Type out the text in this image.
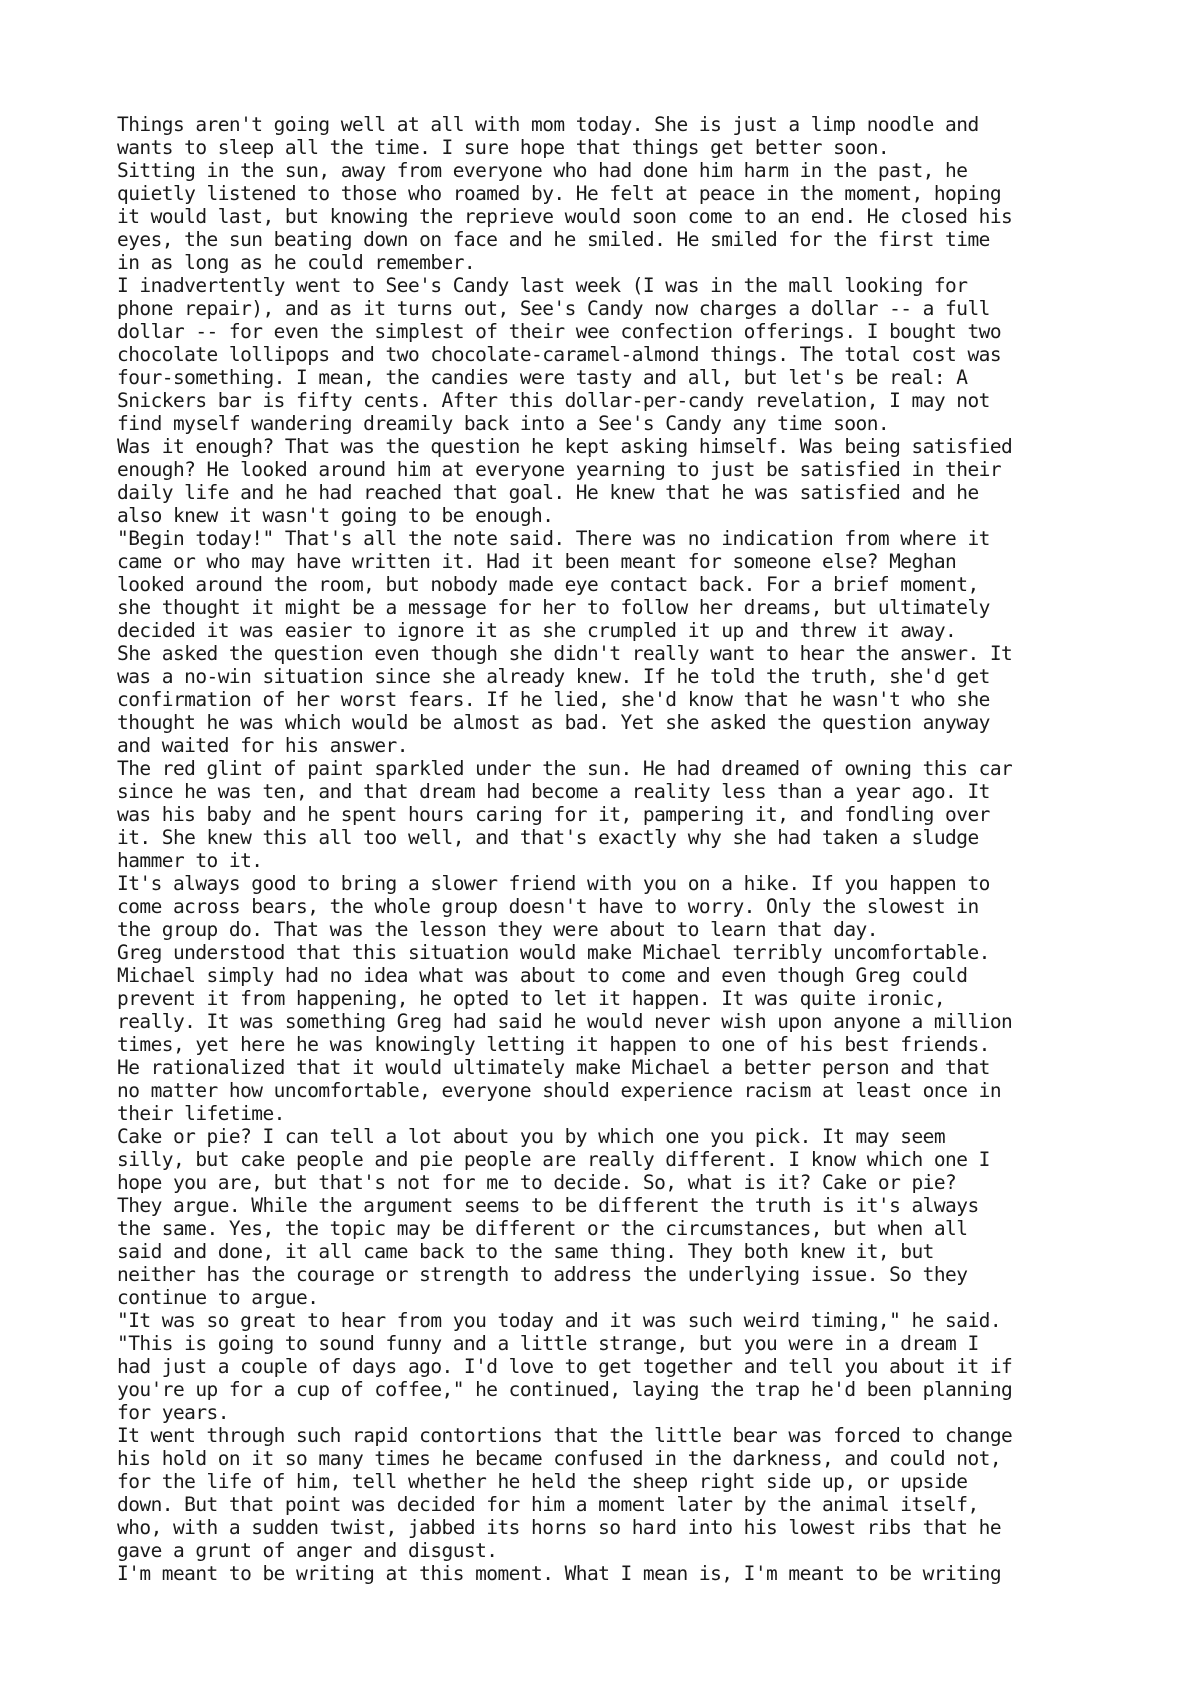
Things aren't going well at all with mom today. She is just a limp noodle and
wants to sleep all the time. I sure hope that things get better soon.
Sitting in the sun, away from everyone who had done him harm in the past, he
quietly listened to those who roamed by. He felt at peace in the moment, hoping
it would last, but knowing the reprieve would soon come to an end. He closed his
eyes, the sun beating down on face and he smiled. He smiled for the first time
in as long as he could remember.
I inadvertently went to See's Candy last week (I was in the mall looking for
phone repair), and as it turns out, See's Candy now charges a dollar -- a full
dollar -- for even the simplest of their wee confection offerings. I bought two
chocolate lollipops and two chocolate-caramel-almond things. The total cost was
four-something. I mean, the candies were tasty and all, but let's be real: A
Snickers bar is fifty cents. After this dollar-per-candy revelation, I may not
find myself wandering dreamily back into a See's Candy any time soon.
Was it enough? That was the question he kept asking himself. Was being satisfied
enough? He looked around him at everyone yearning to just be satisfied in their
daily life and he had reached that goal. He knew that he was satisfied and he
also knew it wasn't going to be enough.
"Begin today!" That's all the note said. There was no indication from where it
came or who may have written it. Had it been meant for someone else? Meghan
looked around the room, but nobody made eye contact back. For a brief moment,
she thought it might be a message for her to follow her dreams, but ultimately
decided it was easier to ignore it as she crumpled it up and threw it away.
She asked the question even though she didn't really want to hear the answer. It
was a no-win situation since she already knew. If he told the truth, she'd get
confirmation of her worst fears. If he lied, she'd know that he wasn't who she
thought he was which would be almost as bad. Yet she asked the question anyway
and waited for his answer.
The red glint of paint sparkled under the sun. He had dreamed of owning this car
since he was ten, and that dream had become a reality less than a year ago. It
was his baby and he spent hours caring for it, pampering it, and fondling over
it. She knew this all too well, and that's exactly why she had taken a sludge
hammer to it.
It's always good to bring a slower friend with you on a hike. If you happen to
come across bears, the whole group doesn't have to worry. Only the slowest in
the group do. That was the lesson they were about to learn that day.
Greg understood that this situation would make Michael terribly uncomfortable.
Michael simply had no idea what was about to come and even though Greg could
prevent it from happening, he opted to let it happen. It was quite ironic,
really. It was something Greg had said he would never wish upon anyone a million
times, yet here he was knowingly letting it happen to one of his best friends.
He rationalized that it would ultimately make Michael a better person and that
no matter how uncomfortable, everyone should experience racism at least once in
their lifetime.
Cake or pie? I can tell a lot about you by which one you pick. It may seem
silly, but cake people and pie people are really different. I know which one I
hope you are, but that's not for me to decide. So, what is it? Cake or pie?
They argue. While the argument seems to be different the truth is it's always
the same. Yes, the topic may be different or the circumstances, but when all
said and done, it all came back to the same thing. They both knew it, but
neither has the courage or strength to address the underlying issue. So they
continue to argue.
"It was so great to hear from you today and it was such weird timing," he said.
"This is going to sound funny and a little strange, but you were in a dream I
had just a couple of days ago. I'd love to get together and tell you about it if
you're up for a cup of coffee," he continued, laying the trap he'd been planning
for years.
It went through such rapid contortions that the little bear was forced to change
his hold on it so many times he became confused in the darkness, and could not,
for the life of him, tell whether he held the sheep right side up, or upside
down. But that point was decided for him a moment later by the animal itself,
who, with a sudden twist, jabbed its horns so hard into his lowest ribs that he
gave a grunt of anger and disgust.
I'm meant to be writing at this moment. What I mean is, I'm meant to be writing
